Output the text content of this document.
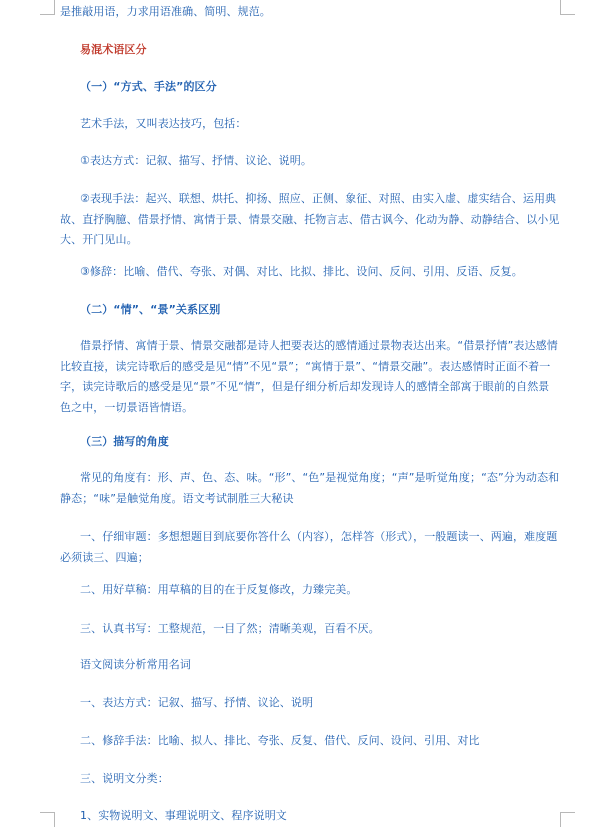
是推敲用语，力求用语准确、简明、规范。

易混术语区分

（一）“方式、手法”的区分

艺术手法，又叫表达技巧，包括：

①表达方式：记叙、描写、抒情、议论、说明。

②表现手法：起兴、联想、烘托、抑扬、照应、正侧、象征、对照、由实入虚、虚实结合、运用典故、直抒胸臆、借景抒情、寓情于景、情景交融、托物言志、借古讽今、化动为静、动静结合、以小见大、开门见山。

③修辞：比喻、借代、夸张、对偶、对比、比拟、排比、设问、反问、引用、反语、反复。

（二）“情”、“景”关系区别

借景抒情、寓情于景、情景交融都是诗人把要表达的感情通过景物表达出来。“借景抒情”表达感情比较直接，读完诗歌后的感受是见“情”不见“景”；“寓情于景”、“情景交融”。表达感情时正面不着一字，读完诗歌后的感受是见“景”不见“情”，但是仔细分析后却发现诗人的感情全部寓于眼前的自然景色之中，一切景语皆情语。

（三）描写的角度

常见的角度有：形、声、色、态、味。“形”、“色”是视觉角度；“声”是听觉角度；“态”分为动态和静态；“味”是触觉角度。语文考试制胜三大秘诀

一、仔细审题：多想想题目到底要你答什么（内容），怎样答（形式），一般题读一、两遍，难度题必须读三、四遍；

二、用好草稿：用草稿的目的在于反复修改，力臻完美。

三、认真书写：工整规范，一目了然；清晰美观，百看不厌。

语文阅读分析常用名词

一、表达方式：记叙、描写、抒情、议论、说明

二、修辞手法：比喻、拟人、排比、夸张、反复、借代、反问、设问、引用、对比

三、说明文分类：

1、实物说明文、事理说明文、程序说明文
